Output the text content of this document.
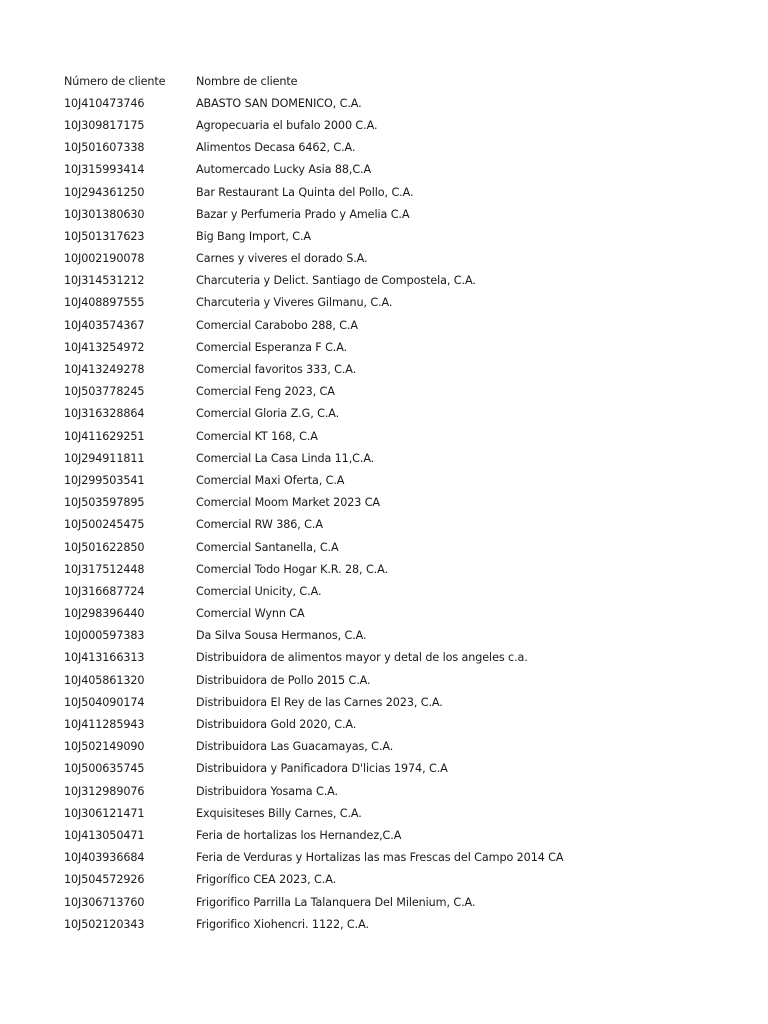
Número de cliente	Nombre de cliente
10J410473746	ABASTO SAN DOMENICO, C.A.
10J309817175	Agropecuaria el bufalo 2000 C.A.
10J501607338	Alimentos Decasa 6462, C.A.
10J315993414	Automercado Lucky Asia 88,C.A
10J294361250	Bar Restaurant La Quinta del Pollo, C.A.
10J301380630	Bazar y Perfumeria Prado y Amelia C.A
10J501317623	Big Bang Import, C.A
10J002190078	Carnes y viveres el dorado S.A.
10J314531212	Charcuteria y Delict. Santiago de Compostela, C.A.
10J408897555	Charcuteria y Viveres Gilmanu, C.A.
10J403574367	Comercial Carabobo 288, C.A
10J413254972	Comercial Esperanza F C.A.
10J413249278	Comercial favoritos 333, C.A.
10J503778245	Comercial Feng 2023, CA
10J316328864	Comercial Gloria Z.G, C.A.
10J411629251	Comercial KT 168, C.A
10J294911811	Comercial La Casa Linda 11,C.A.
10J299503541	Comercial Maxi Oferta, C.A
10J503597895	Comercial Moom Market 2023 CA
10J500245475	Comercial RW 386, C.A
10J501622850	Comercial Santanella, C.A
10J317512448	Comercial Todo Hogar K.R. 28, C.A.
10J316687724	Comercial Unicity, C.A.
10J298396440	Comercial Wynn CA
10J000597383	Da Silva Sousa Hermanos, C.A.
10J413166313	Distribuidora de alimentos mayor y detal de los angeles c.a.
10J405861320	Distribuidora de Pollo 2015 C.A.
10J504090174	Distribuidora El Rey de las Carnes 2023, C.A.
10J411285943	Distribuidora Gold 2020, C.A.
10J502149090	Distribuidora Las Guacamayas, C.A.
10J500635745	Distribuidora y Panificadora D'licias 1974, C.A
10J312989076	Distribuidora Yosama C.A.
10J306121471	Exquisiteses Billy Carnes, C.A.
10J413050471	Feria de hortalizas los Hernandez,C.A
10J403936684	Feria de Verduras y Hortalizas las mas Frescas del Campo 2014 CA
10J504572926	Frigorífico CEA 2023, C.A.
10J306713760	Frigorifico Parrilla La Talanquera Del Milenium, C.A.
10J502120343	Frigorifico Xiohencri. 1122, C.A.
